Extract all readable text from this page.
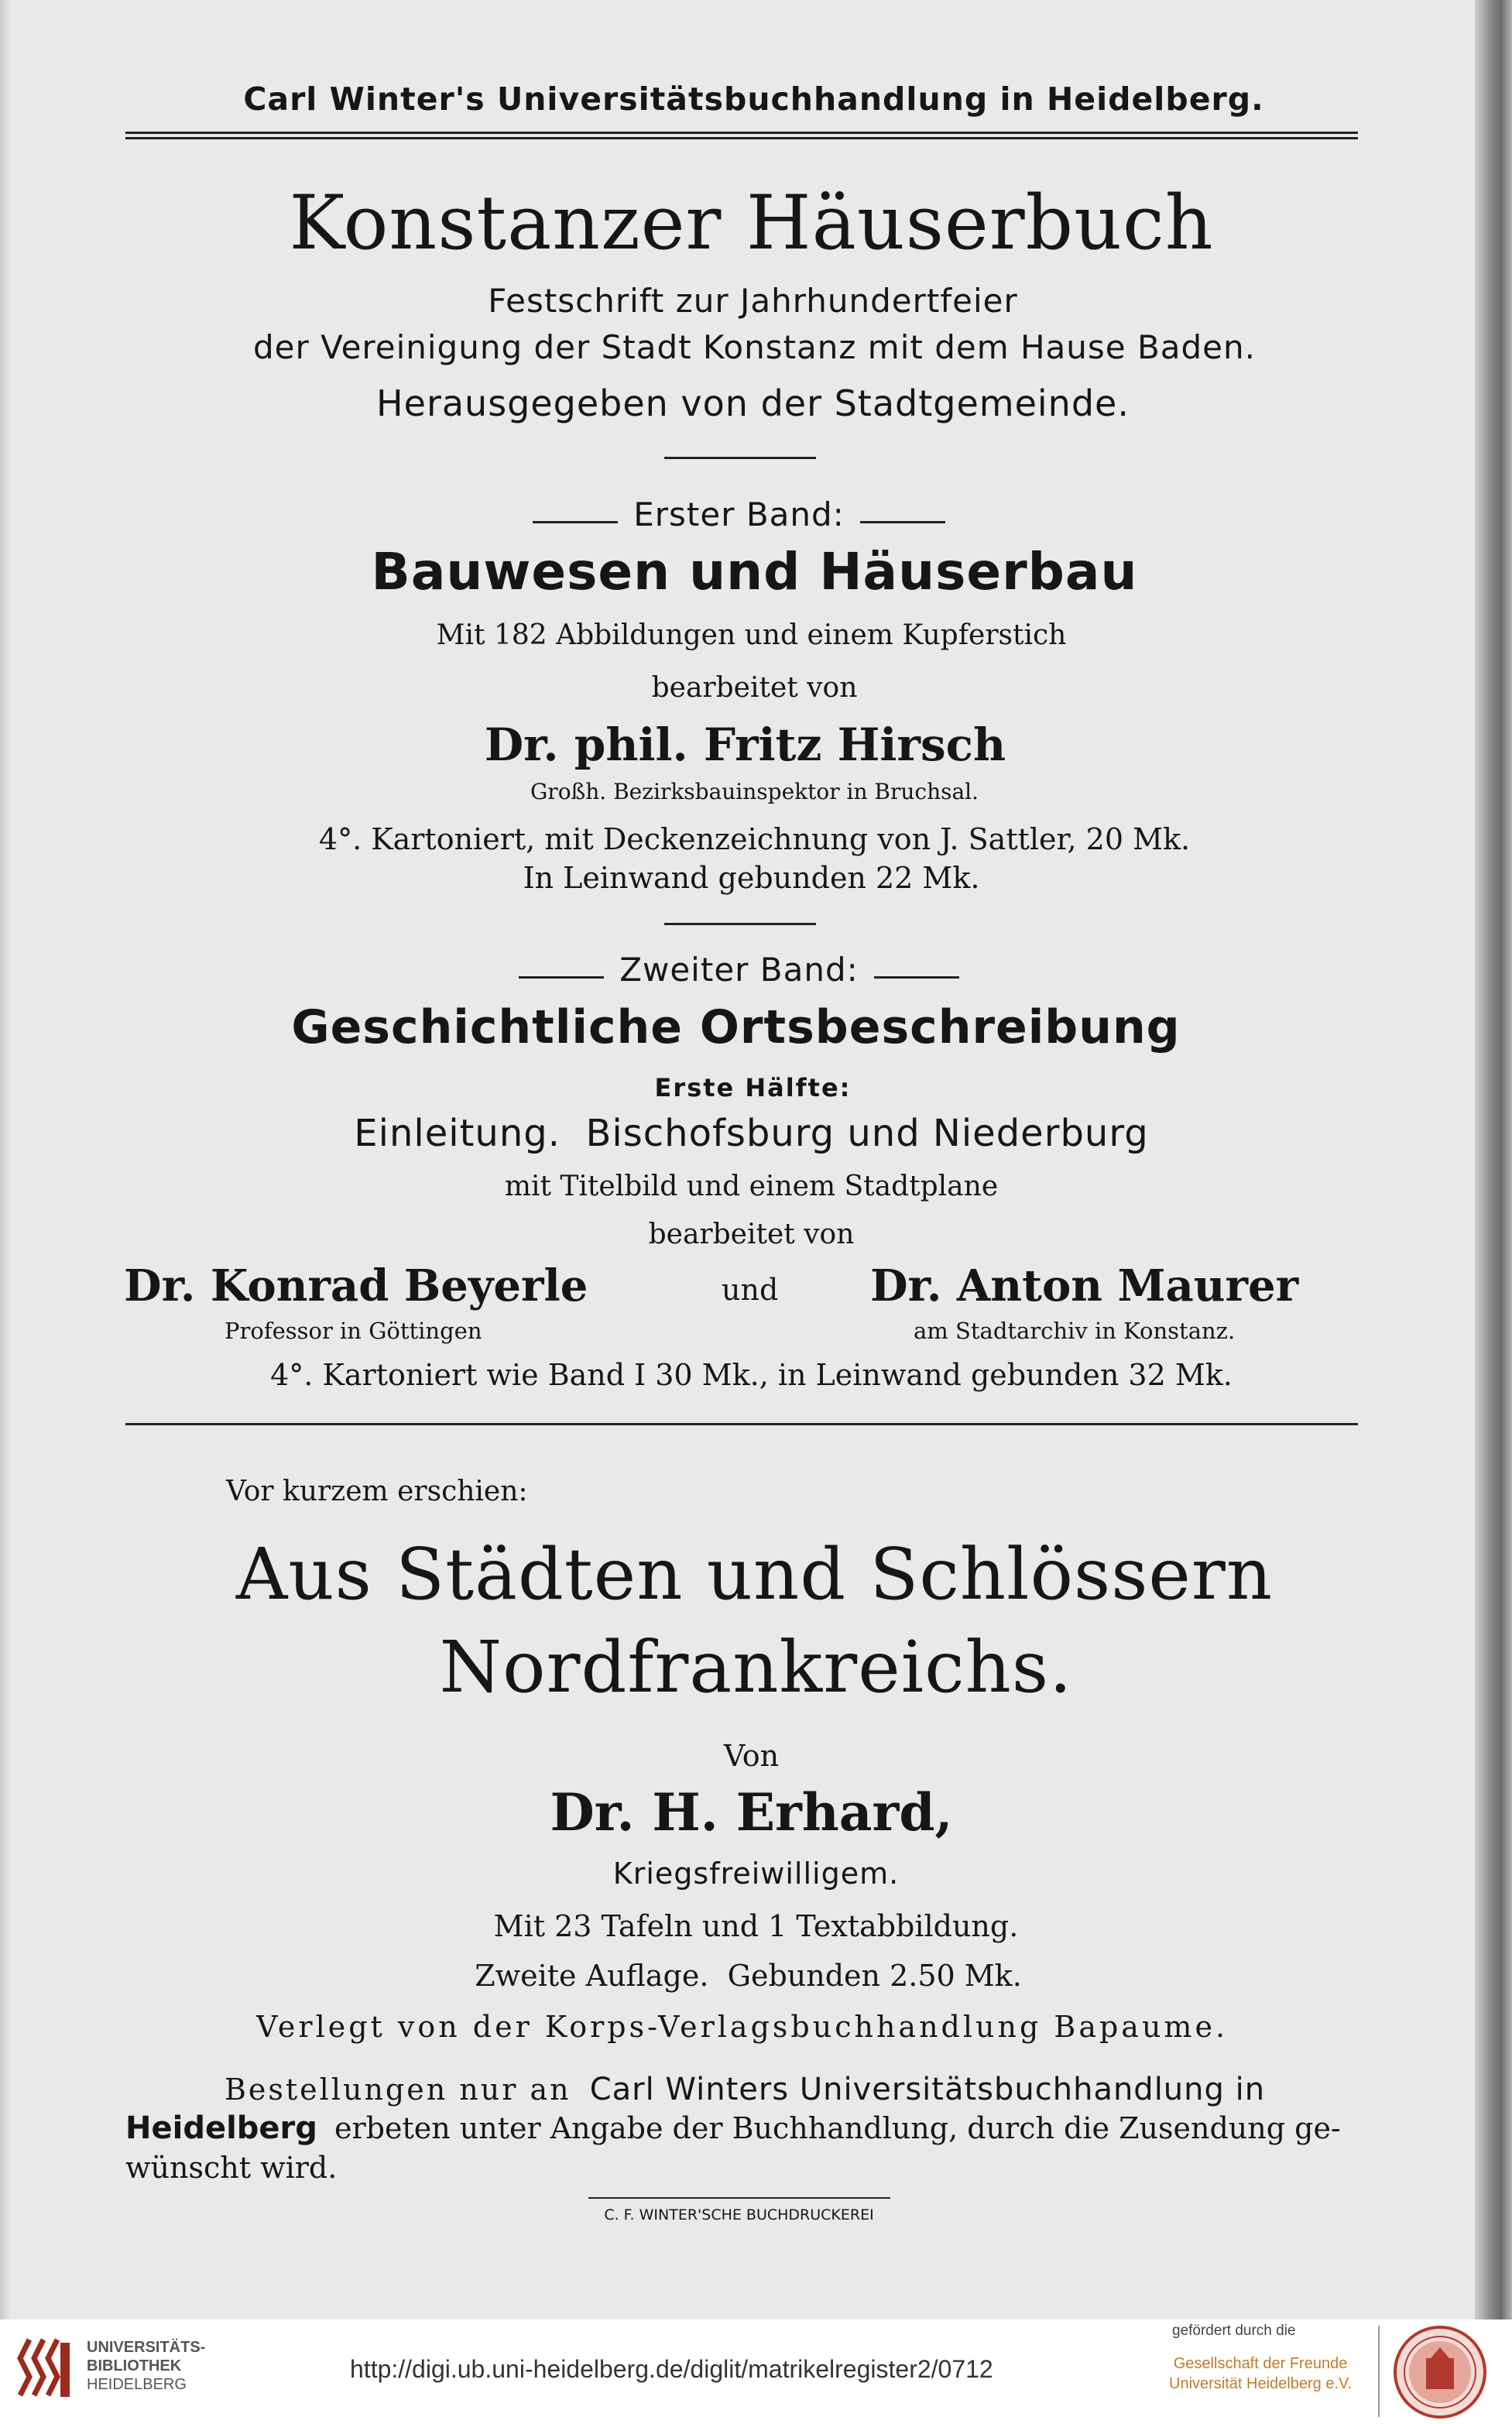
Carl Winter's Universitätsbuchhandlung in Heidelberg.
Konstanzer Häuserbuch
Festschrift zur Jahrhundertfeier
der Vereinigung der Stadt Konstanz mit dem Hause Baden.
Herausgegeben von der Stadtgemeinde.
Erster Band:
Bauwesen und Häuserbau
Mit 182 Abbildungen und einem Kupferstich
bearbeitet von
Dr. phil. Fritz Hirsch
Großh. Bezirksbauinspektor in Bruchsal.
4°. Kartoniert, mit Deckenzeichnung von J. Sattler, 20 Mk.
In Leinwand gebunden 22 Mk.
Zweiter Band:
Geschichtliche Ortsbeschreibung
Erste Hälfte:
Einleitung.  Bischofsburg und Niederburg
mit Titelbild und einem Stadtplane
bearbeitet von
Dr. Konrad Beyerle	und Dr. Anton Maurer
Professor in Göttingen	am Stadtarchiv in Konstanz.
4°. Kartoniert wie Band I 30 Mk., in Leinwand gebunden 32 Mk.
Vor kurzem erschien:
Aus Städten und Schlössern
Nordfrankreichs.
Von
Dr. H. Erhard,
Kriegsfreiwilligem.
Mit 23 Tafeln und 1 Textabbildung.
Zweite Auflage.  Gebunden 2.50 Mk.
Verlegt von der Korps-Verlagsbuchhandlung Bapaume.
Bestellungen nur an Carl Winters Universitätsbuchhandlung in
Heidelberg erbeten unter Angabe der Buchhandlung, durch die Zusendung ge-
wünscht wird.
C. F. WINTER'SCHE BUCHDRUCKEREI
UNIVERSITÄTS-
BIBLIOTHEK
HEIDELBERG
http://digi.ub.uni-heidelberg.de/diglit/matrikelregister2/0712
gefördert durch die
Gesellschaft der Freunde
Universität Heidelberg e.V.
